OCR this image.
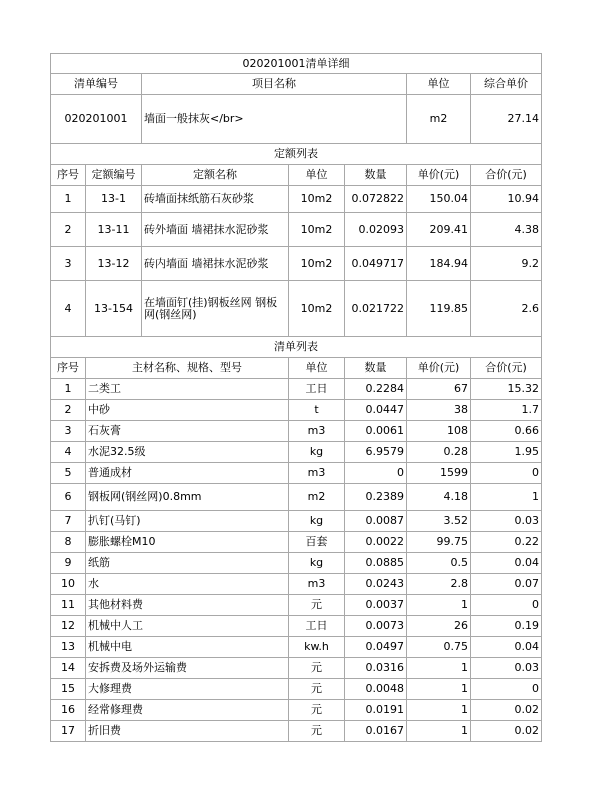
020201001清单详细						
清单编号		项目名称			单位	综合单价
020201001		墙面一般抹灰</br>			m2	27.14
定额列表						
序号	定额编号	定额名称	单位	数量	单价(元)	合价(元)
1	13-1	砖墙面抹纸筋石灰砂浆	10m2	0.072822	150.04	10.94
2	13-11	砖外墙面 墙裙抹水泥砂浆	10m2	0.02093	209.41	4.38
3	13-12	砖内墙面 墙裙抹水泥砂浆	10m2	0.049717	184.94	9.2
4	13-154	在墙面钉(挂)钢板丝网 钢板网(钢丝网)	10m2	0.021722	119.85	2.6
清单列表						
序号	主材名称、规格、型号		单位	数量	单价(元)	合价(元)
1	二类工		工日	0.2284	67	15.32
2	中砂		t	0.0447	38	1.7
3	石灰膏		m3	0.0061	108	0.66
4	水泥32.5级		kg	6.9579	0.28	1.95
5	普通成材		m3	0	1599	0
6	钢板网(钢丝网)0.8mm		m2	0.2389	4.18	1
7	扒钉(马钉)		kg	0.0087	3.52	0.03
8	膨胀螺栓M10		百套	0.0022	99.75	0.22
9	纸筋		kg	0.0885	0.5	0.04
10	水		m3	0.0243	2.8	0.07
11	其他材料费		元	0.0037	1	0
12	机械中人工		工日	0.0073	26	0.19
13	机械中电		kw.h	0.0497	0.75	0.04
14	安拆费及场外运输费		元	0.0316	1	0.03
15	大修理费		元	0.0048	1	0
16	经常修理费		元	0.0191	1	0.02
17	折旧费		元	0.0167	1	0.02
